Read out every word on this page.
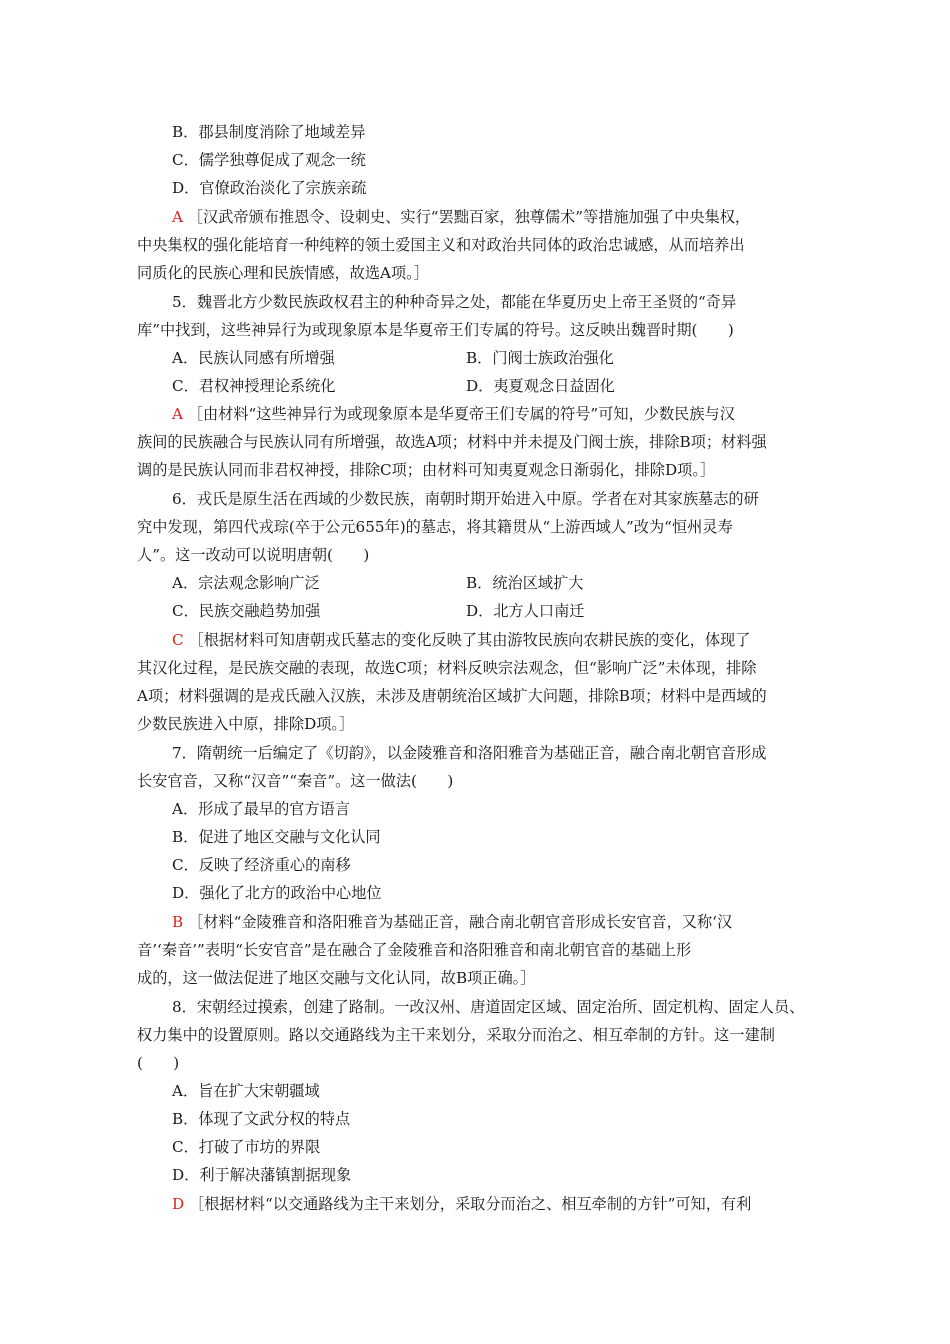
B．郡县制度消除了地域差异
C．儒学独尊促成了观念一统
D．官僚政治淡化了宗族亲疏
A ［汉武帝颁布推恩令、设刺史、实行“罢黜百家，独尊儒术”等措施加强了中央集权，
中央集权的强化能培育一种纯粹的领土爱国主义和对政治共同体的政治忠诚感，从而培养出
同质化的民族心理和民族情感，故选A项。］
5．魏晋北方少数民族政权君主的种种奇异之处，都能在华夏历史上帝王圣贤的“奇异
库”中找到，这些神异行为或现象原本是华夏帝王们专属的符号。这反映出魏晋时期(　　)
A．民族认同感有所增强	B．门阀士族政治强化
C．君权神授理论系统化	D．夷夏观念日益固化
A ［由材料“这些神异行为或现象原本是华夏帝王们专属的符号”可知，少数民族与汉
族间的民族融合与民族认同有所增强，故选A项；材料中并未提及门阀士族，排除B项；材料强
调的是民族认同而非君权神授，排除C项；由材料可知夷夏观念日渐弱化，排除D项。］
6．戎氏是原生活在西域的少数民族，南朝时期开始进入中原。学者在对其家族墓志的研
究中发现，第四代戎琮(卒于公元655年)的墓志，将其籍贯从“上游西域人”改为“恒州灵寿
人”。这一改动可以说明唐朝(　　)
A．宗法观念影响广泛	B．统治区域扩大
C．民族交融趋势加强	D．北方人口南迁
C ［根据材料可知唐朝戎氏墓志的变化反映了其由游牧民族向农耕民族的变化，体现了
其汉化过程，是民族交融的表现，故选C项；材料反映宗法观念，但“影响广泛”未体现，排除
A项；材料强调的是戎氏融入汉族，未涉及唐朝统治区域扩大问题，排除B项；材料中是西域的
少数民族进入中原，排除D项。］
7．隋朝统一后编定了《切韵》，以金陵雅音和洛阳雅音为基础正音，融合南北朝官音形成
长安官音，又称“汉音”“秦音”。这一做法(　　)
A．形成了最早的官方语言
B．促进了地区交融与文化认同
C．反映了经济重心的南移
D．强化了北方的政治中心地位
B ［材料“金陵雅音和洛阳雅音为基础正音，融合南北朝官音形成长安官音，又称‘汉
音’‘秦音’”表明“长安官音”是在融合了金陵雅音和洛阳雅音和南北朝官音的基础上形
成的，这一做法促进了地区交融与文化认同，故B项正确。］
8．宋朝经过摸索，创建了路制。一改汉州、唐道固定区域、固定治所、固定机构、固定人员、
权力集中的设置原则。路以交通路线为主干来划分，采取分而治之、相互牵制的方针。这一建制
(　　)
A．旨在扩大宋朝疆域
B．体现了文武分权的特点
C．打破了市坊的界限
D．利于解决藩镇割据现象
D ［根据材料“以交通路线为主干来划分，采取分而治之、相互牵制的方针”可知，有利
